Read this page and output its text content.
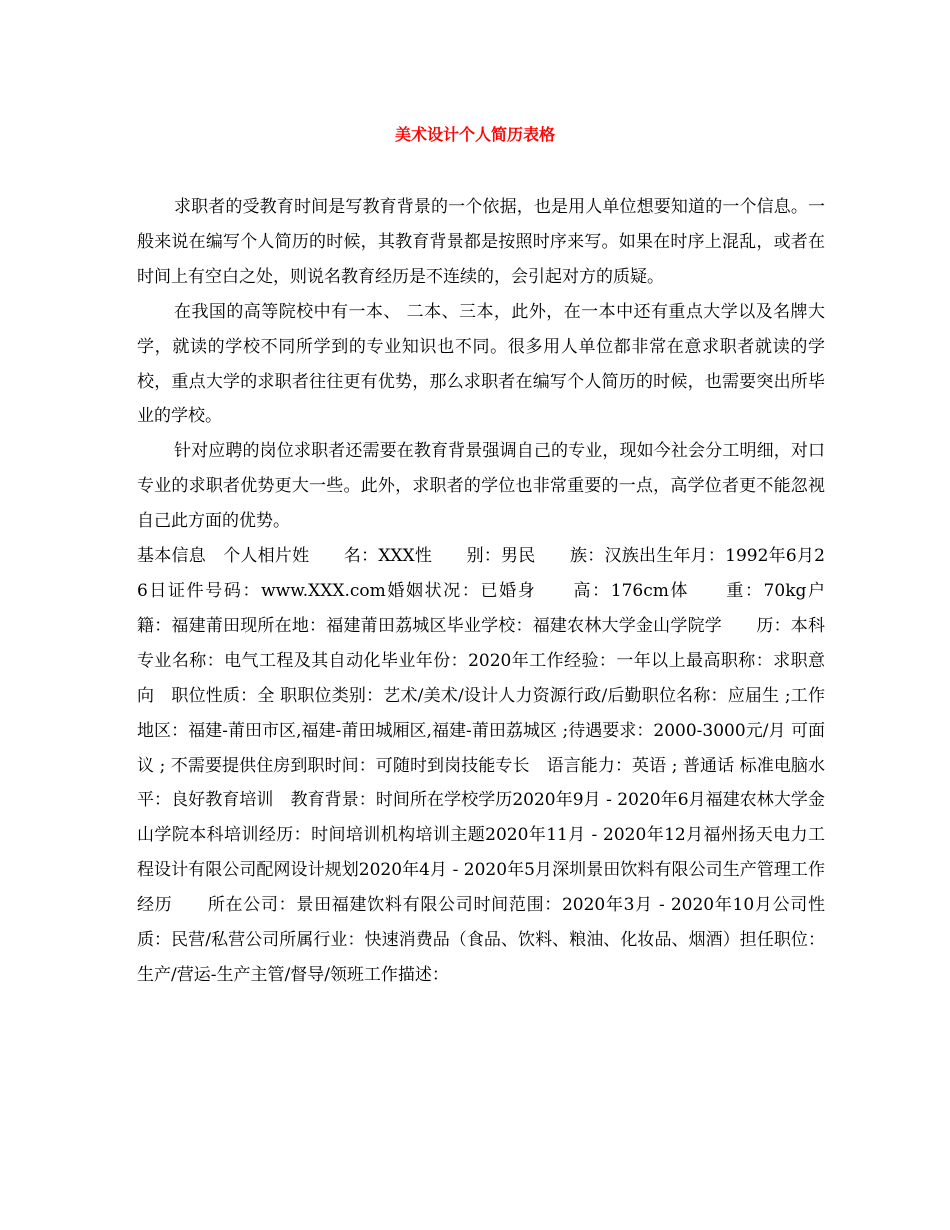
美术设计个人简历表格

求职者的受教育时间是写教育背景的一个依据，也是用人单位想要知道的一个信息。一般来说在编写个人简历的时候，其教育背景都是按照时序来写。如果在时序上混乱，或者在时间上有空白之处，则说名教育经历是不连续的，会引起对方的质疑。

在我国的高等院校中有一本、 二本、三本，此外，在一本中还有重点大学以及名牌大学，就读的学校不同所学到的专业知识也不同。很多用人单位都非常在意求职者就读的学校，重点大学的求职者往往更有优势，那么求职者在编写个人简历的时候，也需要突出所毕业的学校。

针对应聘的岗位求职者还需要在教育背景强调自己的专业，现如今社会分工明细，对口专业的求职者优势更大一些。此外，求职者的学位也非常重要的一点，高学位者更不能忽视自己此方面的优势。

基本信息　个人相片姓　　名：XXX性　　别：男民　　族：汉族出生年月：1992年6月26日证件号码：www.XXX.com婚姻状况：已婚身　　高：176cm体　　重：70kg户　　籍：福建莆田现所在地：福建莆田荔城区毕业学校：福建农林大学金山学院学　　历：本科专业名称：电气工程及其自动化毕业年份：2020年工作经验：一年以上最高职称：求职意向　职位性质：全 职职位类别：艺术/美术/设计人力资源行政/后勤职位名称：应届生 ;工作地区：福建-莆田市区,福建-莆田城厢区,福建-莆田荔城区 ;待遇要求：2000-3000元/月 可面议 ; 不需要提供住房到职时间：可随时到岗技能专长　语言能力：英语 ; 普通话 标准电脑水平：良好教育培训　教育背景：时间所在学校学历2020年9月 - 2020年6月福建农林大学金山学院本科培训经历：时间培训机构培训主题2020年11月 - 2020年12月福州扬天电力工程设计有限公司配网设计规划2020年4月 - 2020年5月深圳景田饮料有限公司生产管理工作经历　　所在公司：景田福建饮料有限公司时间范围：2020年3月 - 2020年10月公司性质：民营/私营公司所属行业：快速消费品（食品、饮料、粮油、化妆品、烟酒）担任职位：生产/营运-生产主管/督导/领班工作描述：
